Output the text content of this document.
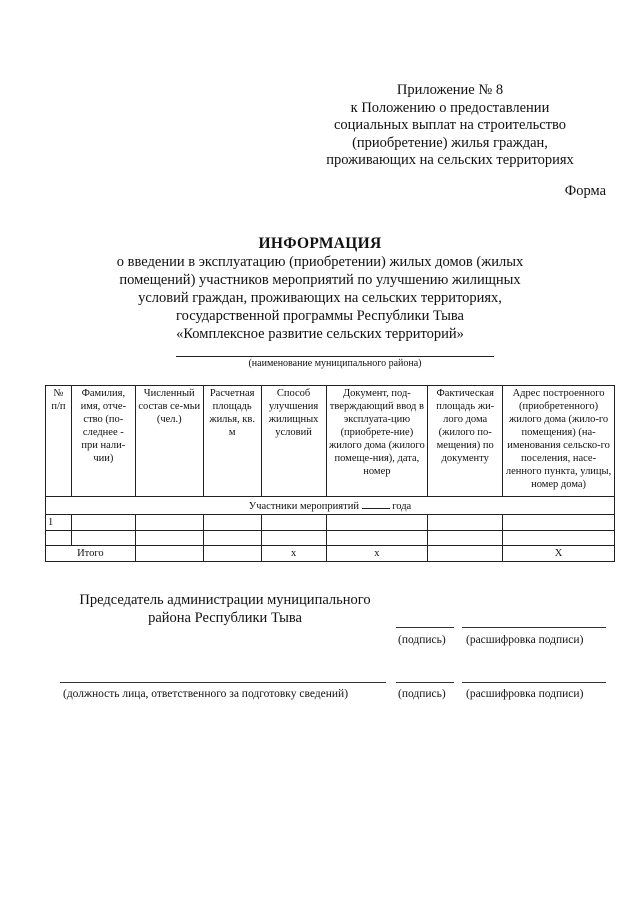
Приложение № 8
к Положению о предоставлении
социальных выплат на строительство
(приобретение) жилья граждан,
проживающих на сельских территориях
Форма
ИНФОРМАЦИЯ
о введении в эксплуатацию (приобретении) жилых домов (жилых
помещений) участников мероприятий по улучшению жилищных
условий граждан, проживающих на сельских территориях,
государственной программы Республики Тыва
«Комплексное развитие сельских территорий»
(наименование муниципального района)
№ п/п	Фамилия, имя, отче-ство (по-следнее - при нали-чии)	Численный состав се-мьи (чел.)	Расчетная площадь жилья, кв. м	Способ улучшения жилищных условий	Документ, под-тверждающий ввод в эксплуата-цию (приобрете-ние) жилого дома (жилого помеще-ния), дата, номер	Фактическая площадь жи-лого дома (жилого по-мещения) по документу	Адрес построенного (приобретенного) жилого дома (жило-го помещения) (на-именования сельско-го поселения, насе-ленного пункта, улицы, номер дома)
Участники мероприятий года							
1							

Итого				x	x		X
Председатель администрации муниципального
района Республики Тыва
(подпись) (расшифровка подписи)
(должность лица, ответственного за подготовку сведений)	(подпись) (расшифровка подписи)
